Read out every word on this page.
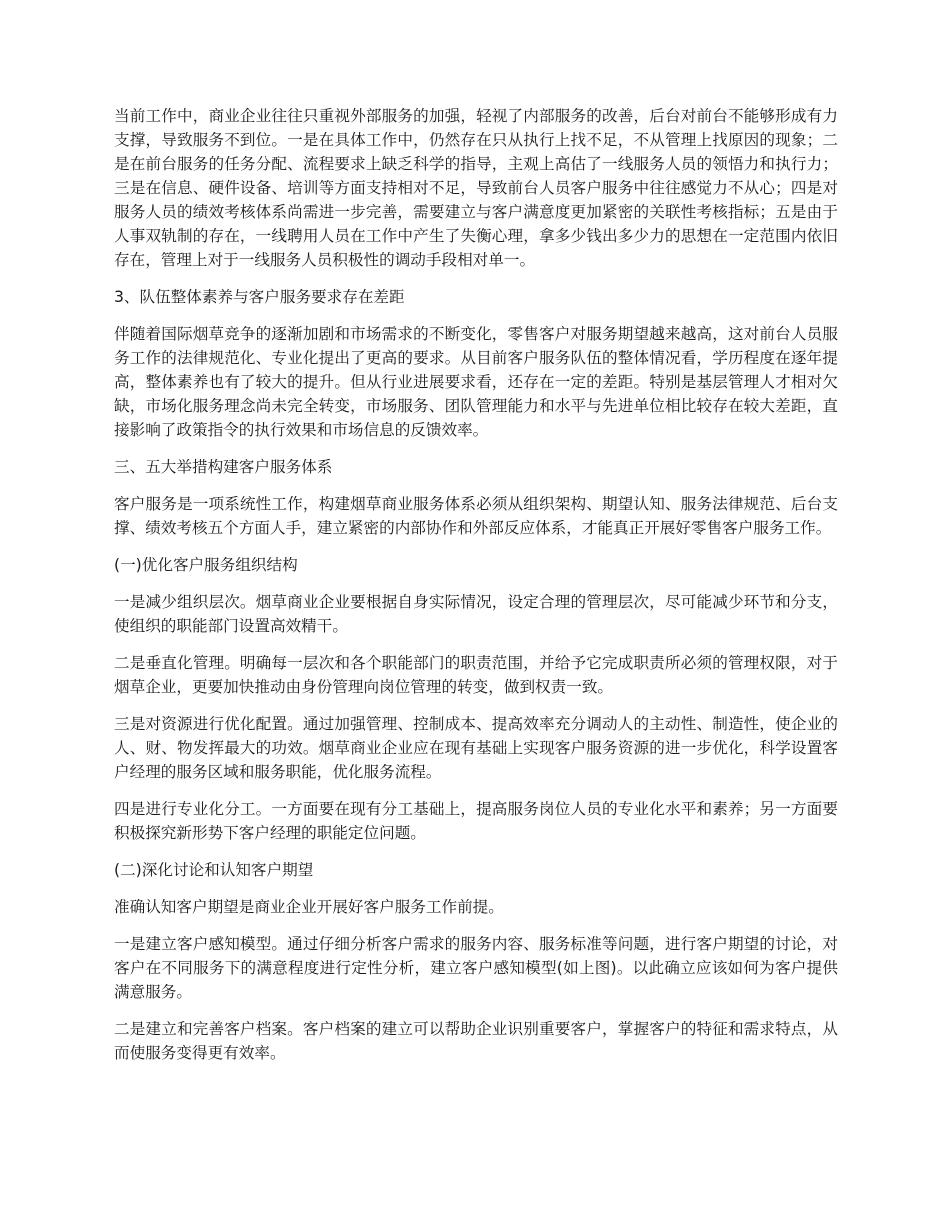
当前工作中，商业企业往往只重视外部服务的加强，轻视了内部服务的改善，后台对前台不能够形成有力支撑，导致服务不到位。一是在具体工作中，仍然存在只从执行上找不足，不从管理上找原因的现象；二是在前台服务的任务分配、流程要求上缺乏科学的指导，主观上高估了一线服务人员的领悟力和执行力；三是在信息、硬件设备、培训等方面支持相对不足，导致前台人员客户服务中往往感觉力不从心；四是对服务人员的绩效考核体系尚需进一步完善，需要建立与客户满意度更加紧密的关联性考核指标；五是由于人事双轨制的存在，一线聘用人员在工作中产生了失衡心理，拿多少钱出多少力的思想在一定范围内依旧存在，管理上对于一线服务人员积极性的调动手段相对单一。

3、队伍整体素养与客户服务要求存在差距

伴随着国际烟草竞争的逐渐加剧和市场需求的不断变化，零售客户对服务期望越来越高，这对前台人员服务工作的法律规范化、专业化提出了更高的要求。从目前客户服务队伍的整体情况看，学历程度在逐年提高，整体素养也有了较大的提升。但从行业进展要求看，还存在一定的差距。特别是基层管理人才相对欠缺，市场化服务理念尚未完全转变，市场服务、团队管理能力和水平与先进单位相比较存在较大差距，直接影响了政策指令的执行效果和市场信息的反馈效率。

三、五大举措构建客户服务体系

客户服务是一项系统性工作，构建烟草商业服务体系必须从组织架构、期望认知、服务法律规范、后台支撑、绩效考核五个方面人手，建立紧密的内部协作和外部反应体系，才能真正开展好零售客户服务工作。

(一)优化客户服务组织结构

一是减少组织层次。烟草商业企业要根据自身实际情况，设定合理的管理层次，尽可能减少环节和分支，使组织的职能部门设置高效精干。

二是垂直化管理。明确每一层次和各个职能部门的职责范围，并给予它完成职责所必须的管理权限，对于烟草企业，更要加快推动由身份管理向岗位管理的转变，做到权责一致。

三是对资源进行优化配置。通过加强管理、控制成本、提高效率充分调动人的主动性、制造性，使企业的人、财、物发挥最大的功效。烟草商业企业应在现有基础上实现客户服务资源的进一步优化，科学设置客户经理的服务区域和服务职能，优化服务流程。

四是进行专业化分工。一方面要在现有分工基础上，提高服务岗位人员的专业化水平和素养；另一方面要积极探究新形势下客户经理的职能定位问题。

(二)深化讨论和认知客户期望

准确认知客户期望是商业企业开展好客户服务工作前提。

一是建立客户感知模型。通过仔细分析客户需求的服务内容、服务标准等问题，进行客户期望的讨论，对客户在不同服务下的满意程度进行定性分析，建立客户感知模型(如上图)。以此确立应该如何为客户提供满意服务。

二是建立和完善客户档案。客户档案的建立可以帮助企业识别重要客户，掌握客户的特征和需求特点，从而使服务变得更有效率。
